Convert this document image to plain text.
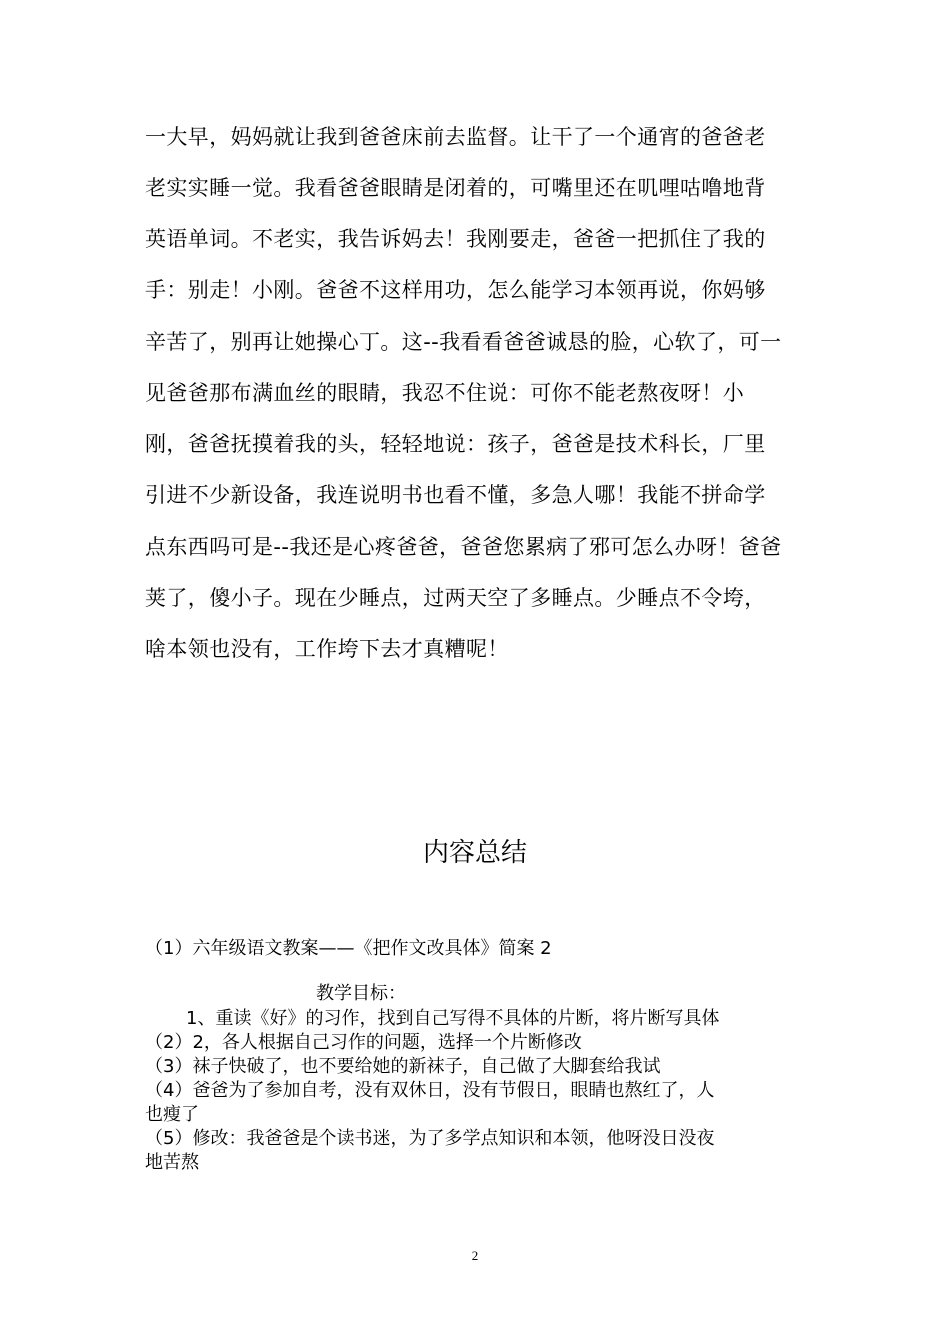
一大早，妈妈就让我到爸爸床前去监督。让干了一个通宵的爸爸老
老实实睡一觉。我看爸爸眼睛是闭着的，可嘴里还在叽哩咕噜地背
英语单词。不老实，我告诉妈去！我刚要走，爸爸一把抓住了我的
手：别走！小刚。爸爸不这样用功，怎么能学习本领再说，你妈够
辛苦了，别再让她操心丁。这--我看看爸爸诚恳的脸，心软了，可一
见爸爸那布满血丝的眼睛，我忍不住说：可你不能老熬夜呀！小
刚，爸爸抚摸着我的头，轻轻地说：孩子，爸爸是技术科长，厂里
引进不少新设备，我连说明书也看不懂，多急人哪！我能不拼命学
点东西吗可是--我还是心疼爸爸，爸爸您累病了邪可怎么办呀！爸爸
荚了，傻小子。现在少睡点，过两天空了多睡点。少睡点不令垮，
啥本领也没有，工作垮下去才真糟呢！
内容总结
（1）六年级语文教案——《把作文改具体》简案 2
教学目标：
1、重读《好》的习作，找到自己写得不具体的片断，将片断写具体
（2）2，各人根据自己习作的问题，选择一个片断修改
（3）袜子快破了，也不要给她的新袜子，自己做了大脚套给我试
（4）爸爸为了参加自考，没有双休日，没有节假日，眼睛也熬红了，人
也瘦了
（5）修改：我爸爸是个读书迷，为了多学点知识和本领，他呀没日没夜
地苦熬
2
